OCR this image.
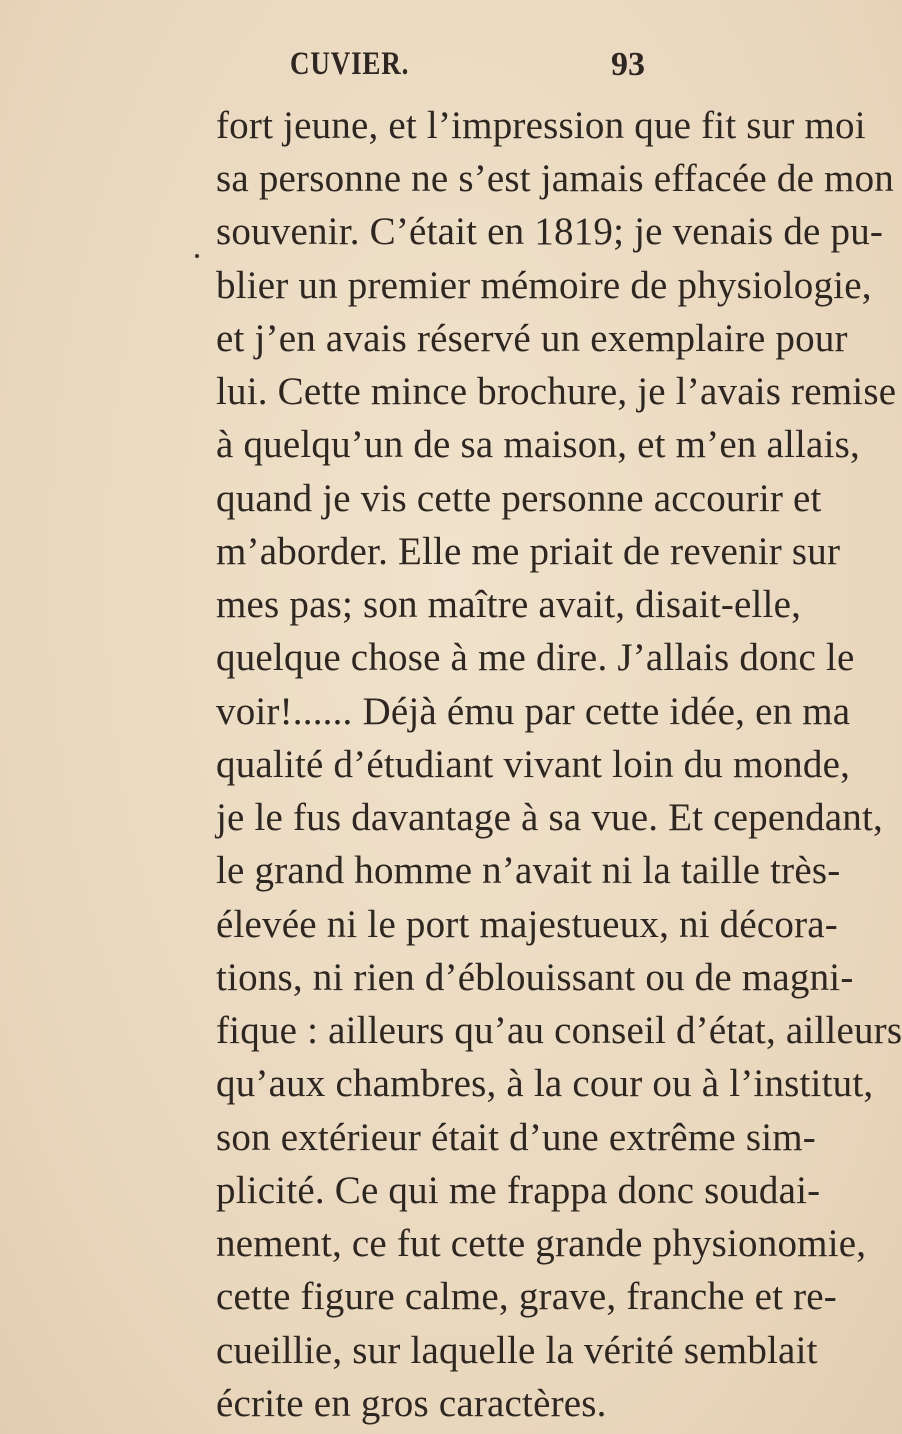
CUVIER.	93
fort jeune, et l’impression que fit sur moi
sa personne ne s’est jamais effacée de mon
souvenir. C’était en 1819; je venais de pu-
blier un premier mémoire de physiologie,
et j’en avais réservé un exemplaire pour
lui. Cette mince brochure, je l’avais remise
à quelqu’un de sa maison, et m’en allais,
quand je vis cette personne accourir et
m’aborder. Elle me priait de revenir sur
mes pas; son maître avait, disait-elle,
quelque chose à me dire. J’allais donc le
voir!...... Déjà ému par cette idée, en ma
qualité d’étudiant vivant loin du monde,
je le fus davantage à sa vue. Et cependant,
le grand homme n’avait ni la taille très-
élevée ni le port majestueux, ni décora-
tions, ni rien d’éblouissant ou de magni-
fique : ailleurs qu’au conseil d’état, ailleurs
qu’aux chambres, à la cour ou à l’institut,
son extérieur était d’une extrême sim-
plicité. Ce qui me frappa donc soudai-
nement, ce fut cette grande physionomie,
cette figure calme, grave, franche et re-
cueillie, sur laquelle la vérité semblait
écrite en gros caractères.
